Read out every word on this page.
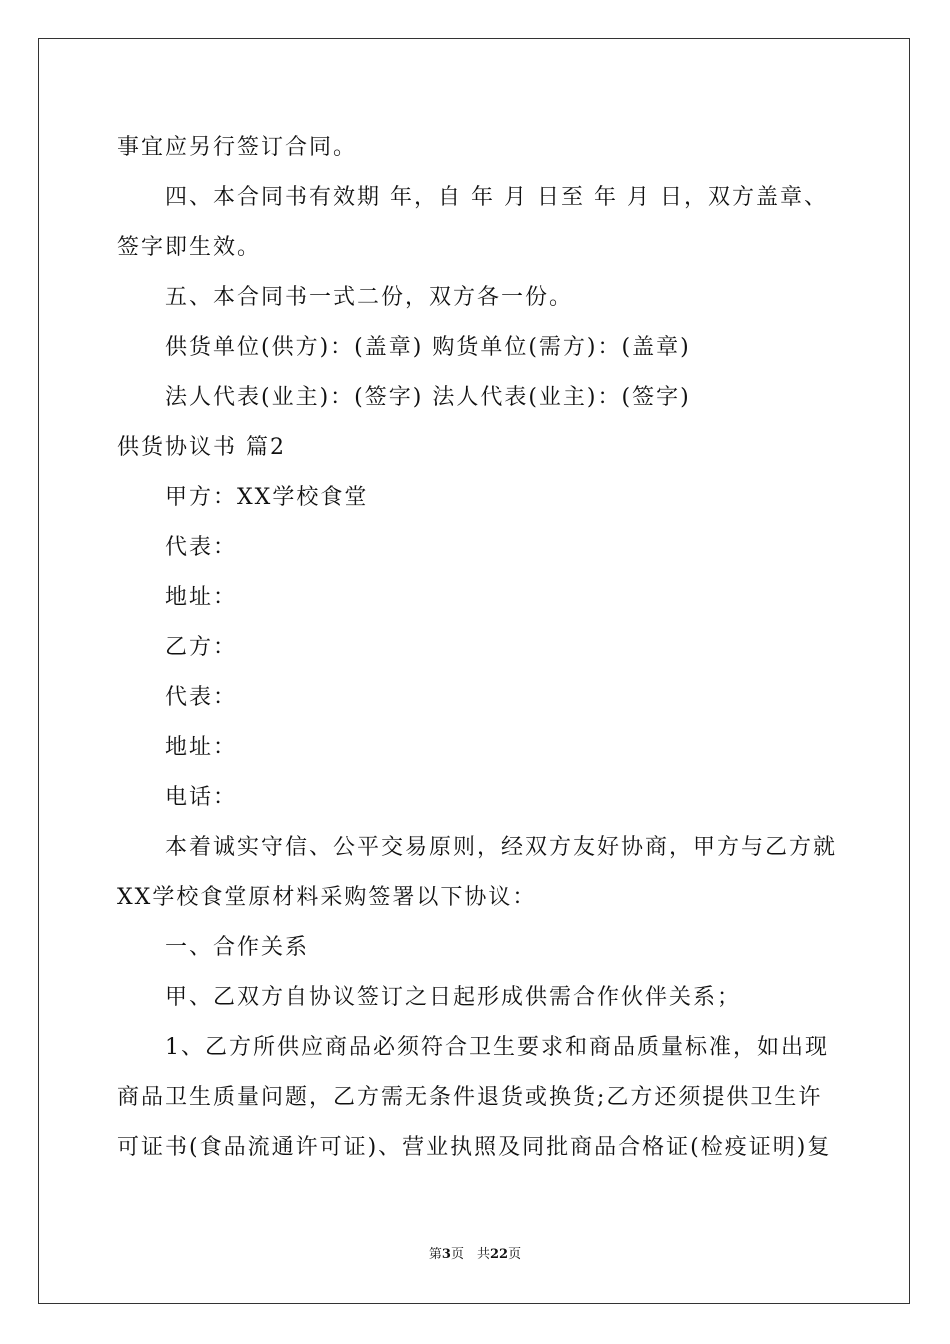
事宜应另行签订合同。
四、本合同书有效期 年，自 年 月 日至 年 月 日，双方盖章、
签字即生效。
五、本合同书一式二份，双方各一份。
供货单位(供方)：(盖章) 购货单位(需方)：(盖章)
法人代表(业主)：(签字) 法人代表(业主)：(签字)
供货协议书 篇2
甲方：XX学校食堂
代表：
地址：
乙方：
代表：
地址：
电话：
本着诚实守信、公平交易原则，经双方友好协商，甲方与乙方就
XX学校食堂原材料采购签署以下协议：
一、合作关系
甲、乙双方自协议签订之日起形成供需合作伙伴关系；
1、乙方所供应商品必须符合卫生要求和商品质量标准，如出现
商品卫生质量问题，乙方需无条件退货或换货;乙方还须提供卫生许
可证书(食品流通许可证)、营业执照及同批商品合格证(检疫证明)复
第3页　共22页
